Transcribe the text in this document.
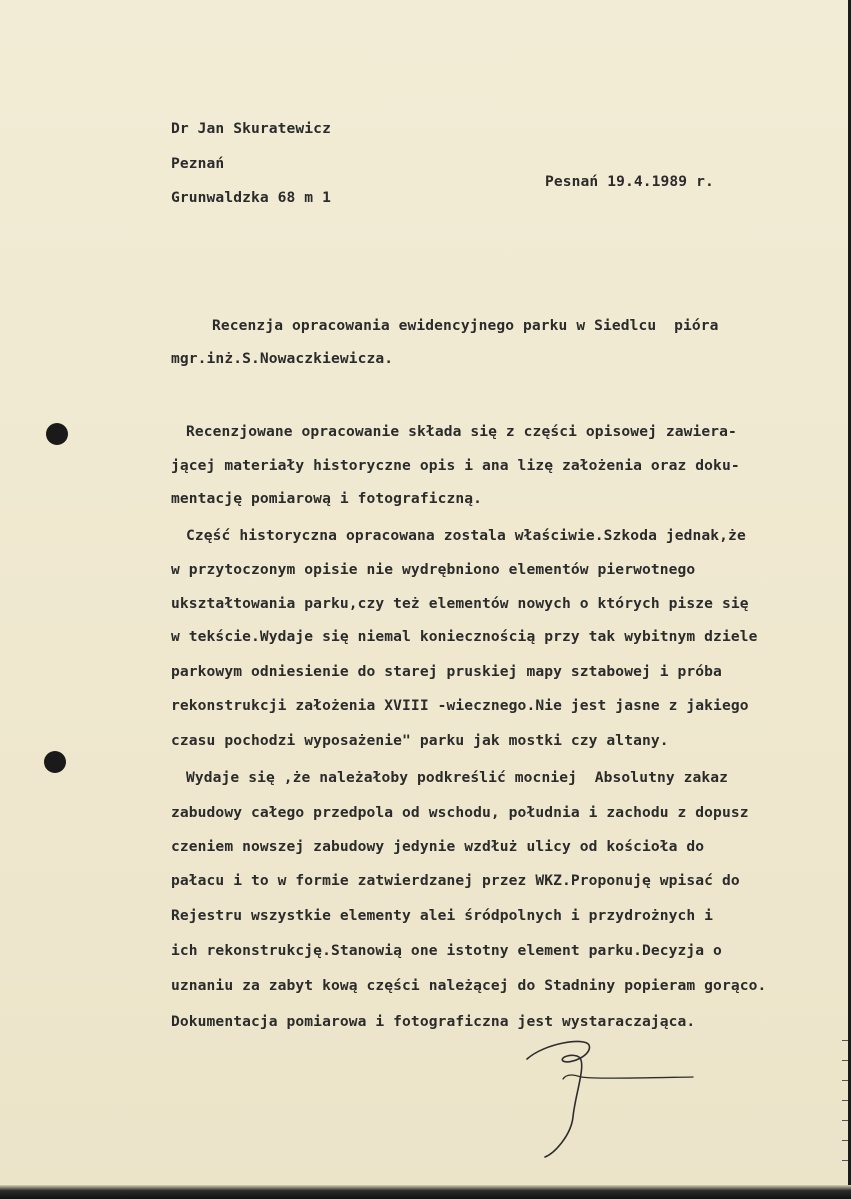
Dr Jan Skuratewicz
Peznań
Grunwaldzka 68 m 1
Pesnań 19.4.1989 r.
Recenzja opracowania ewidencyjnego parku w Siedlcu  pióra
mgr.inż.S.Nowaczkiewicza.
Recenzjowane opracowanie składa się z części opisowej zawiera-
jącej materiały historyczne opis i ana lizę założenia oraz doku-
mentację pomiarową i fotograficzną.
Część historyczna opracowana zostala właściwie.Szkoda jednak,że
w przytoczonym opisie nie wydrębniono elementów pierwotnego
ukształtowania parku,czy też elementów nowych o których pisze się
w tekście.Wydaje się niemal koniecznością przy tak wybitnym dziele
parkowym odniesienie do starej pruskiej mapy sztabowej i próba
rekonstrukcji założenia XVIII -wiecznego.Nie jest jasne z jakiego
czasu pochodzi wyposażenie" parku jak mostki czy altany.
Wydaje się ,że należałoby podkreślić mocniej  Absolutny zakaz
zabudowy całego przedpola od wschodu, południa i zachodu z dopusz
czeniem nowszej zabudowy jedynie wzdłuż ulicy od kościoła do
pałacu i to w formie zatwierdzanej przez WKZ.Proponuję wpisać do
Rejestru wszystkie elementy alei śródpolnych i przydrożnych i
ich rekonstrukcję.Stanowią one istotny element parku.Decyzja o
uznaniu za zabyt kową części należącej do Stadniny popieram gorąco.
Dokumentacja pomiarowa i fotograficzna jest wystaraczająca.
